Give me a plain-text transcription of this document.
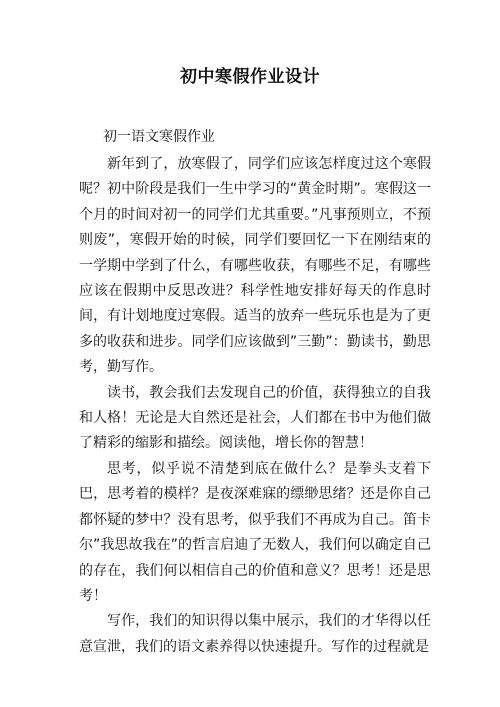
初中寒假作业设计
初一语文寒假作业

新年到了，放寒假了，同学们应该怎样度过这个寒假呢？初中阶段是我们一生中学习的“黄金时期”。寒假这一个月的时间对初一的同学们尤其重要。”凡事预则立，不预则废”，寒假开始的时候，同学们要回忆一下在刚结束的一学期中学到了什么，有哪些收获，有哪些不足，有哪些应该在假期中反思改进？科学性地安排好每天的作息时间，有计划地度过寒假。适当的放弃一些玩乐也是为了更多的收获和进步。同学们应该做到”三勤”：勤读书，勤思考，勤写作。

读书，教会我们去发现自己的价值，获得独立的自我和人格！无论是大自然还是社会，人们都在书中为他们做了精彩的缩影和描绘。阅读他，增长你的智慧！

思考，似乎说不清楚到底在做什么？是拳头支着下巴，思考着的模样？是夜深难寐的缥缈思绪？还是你自己都怀疑的梦中？没有思考，似乎我们不再成为自己。笛卡尔”我思故我在”的哲言启迪了无数人，我们何以确定自己的存在，我们何以相信自己的价值和意义？思考！还是思考！

写作，我们的知识得以集中展示，我们的才华得以任意宣泄，我们的语文素养得以快速提升。写作的过程就是
